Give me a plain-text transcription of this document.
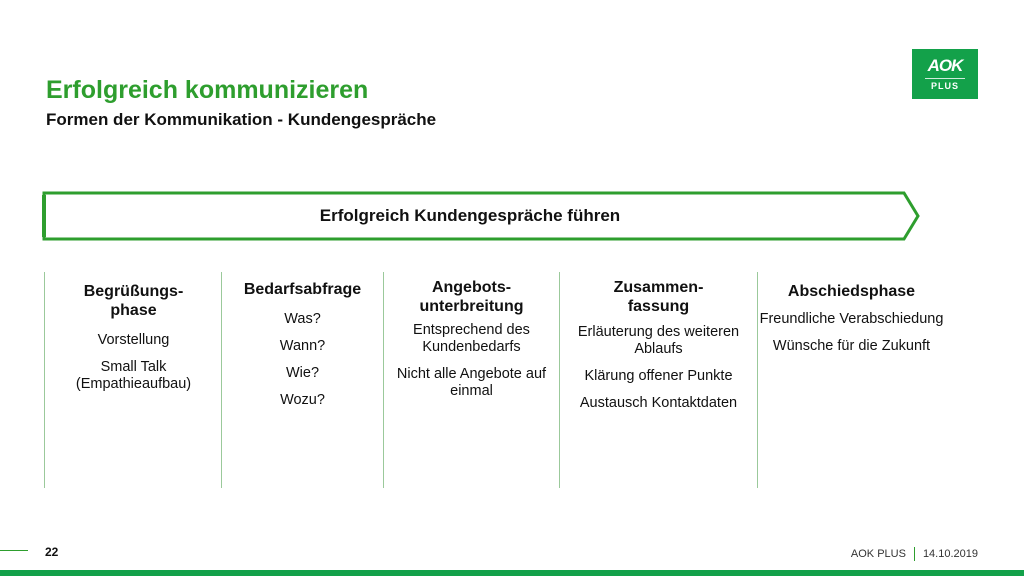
Erfolgreich kommunizieren
Formen der Kommunikation - Kundengespräche
AOK
PLUS
Erfolgreich Kundengespräche führen
Begrüßungs-
phase

Vorstellung

Small Talk (Empathieaufbau)

Bedarfsabfrage

Was?

Wann?

Wie?

Wozu?

Angebots-
unterbreitung

Entsprechend des Kundenbedarfs

Nicht alle Angebote auf einmal

Zusammen-
fassung

Erläuterung des weiteren Ablaufs

Klärung offener Punkte

Austausch Kontaktdaten

Abschiedsphase

Freundliche Verabschiedung

Wünsche für die Zukunft

22	AOK PLUS 14.10.2019
